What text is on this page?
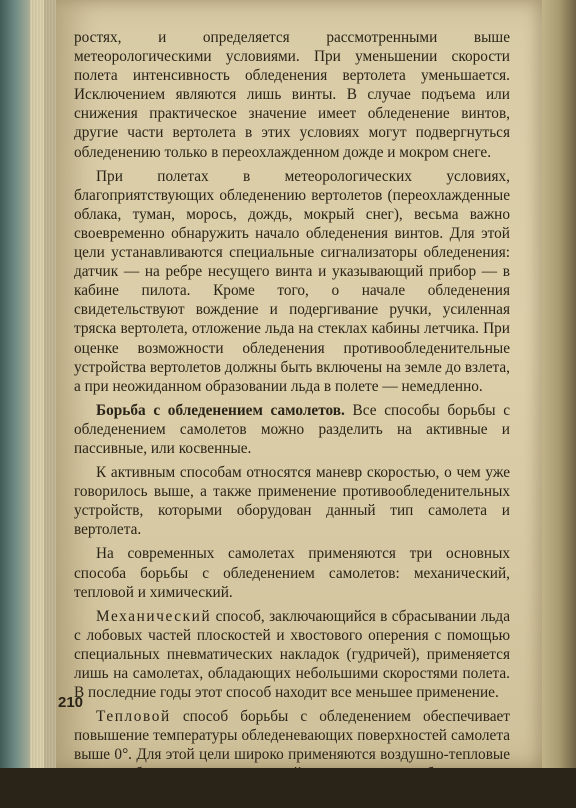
ростях, и определяется рассмотренными выше метеорологическими условиями. При уменьшении скорости полета интенсивность обледенения вертолета уменьшается. Исключением являются лишь винты. В случае подъема или снижения практическое значение имеет обледенение винтов, другие части вертолета в этих условиях могут подвергнуться обледенению только в переохлажденном дожде и мокром снеге.

При полетах в метеорологических условиях, благоприятствующих обледенению вертолетов (переохлажденные облака, туман, морось, дождь, мокрый снег), весьма важно своевременно обнаружить начало обледенения винтов. Для этой цели устанавливаются специальные сигнализаторы обледенения: датчик — на ребре несущего винта и указывающий прибор — в кабине пилота. Кроме того, о начале обледенения свидетельствуют вождение и подергивание ручки, усиленная тряска вертолета, отложение льда на стеклах кабины летчика. При оценке возможности обледенения противообледенительные устройства вертолетов должны быть включены на земле до взлета, а при неожиданном образовании льда в полете — немедленно.

Борьба с обледенением самолетов. Все способы борьбы с обледенением самолетов можно разделить на активные и пассивные, или косвенные.

К активным способам относятся маневр скоростью, о чем уже говорилось выше, а также применение противообледенительных устройств, которыми оборудован данный тип самолета и вертолета.

На современных самолетах применяются три основных способа борьбы с обледенением самолетов: механический, тепловой и химический.

Механический способ, заключающийся в сбрасывании льда с лобовых частей плоскостей и хвостового оперения с помощью специальных пневматических накладок (гудричей), применяется лишь на самолетах, обладающих небольшими скоростями полета. В последние годы этот способ находит все меньшее применение.

Тепловой способ борьбы с обледенением обеспечивает повышение температуры обледеневающих поверхностей самолета выше 0°. Для этой цели широко применяются воздушно-тепловые противообледенительные устройства, которые обеспечивают необходимый

210
